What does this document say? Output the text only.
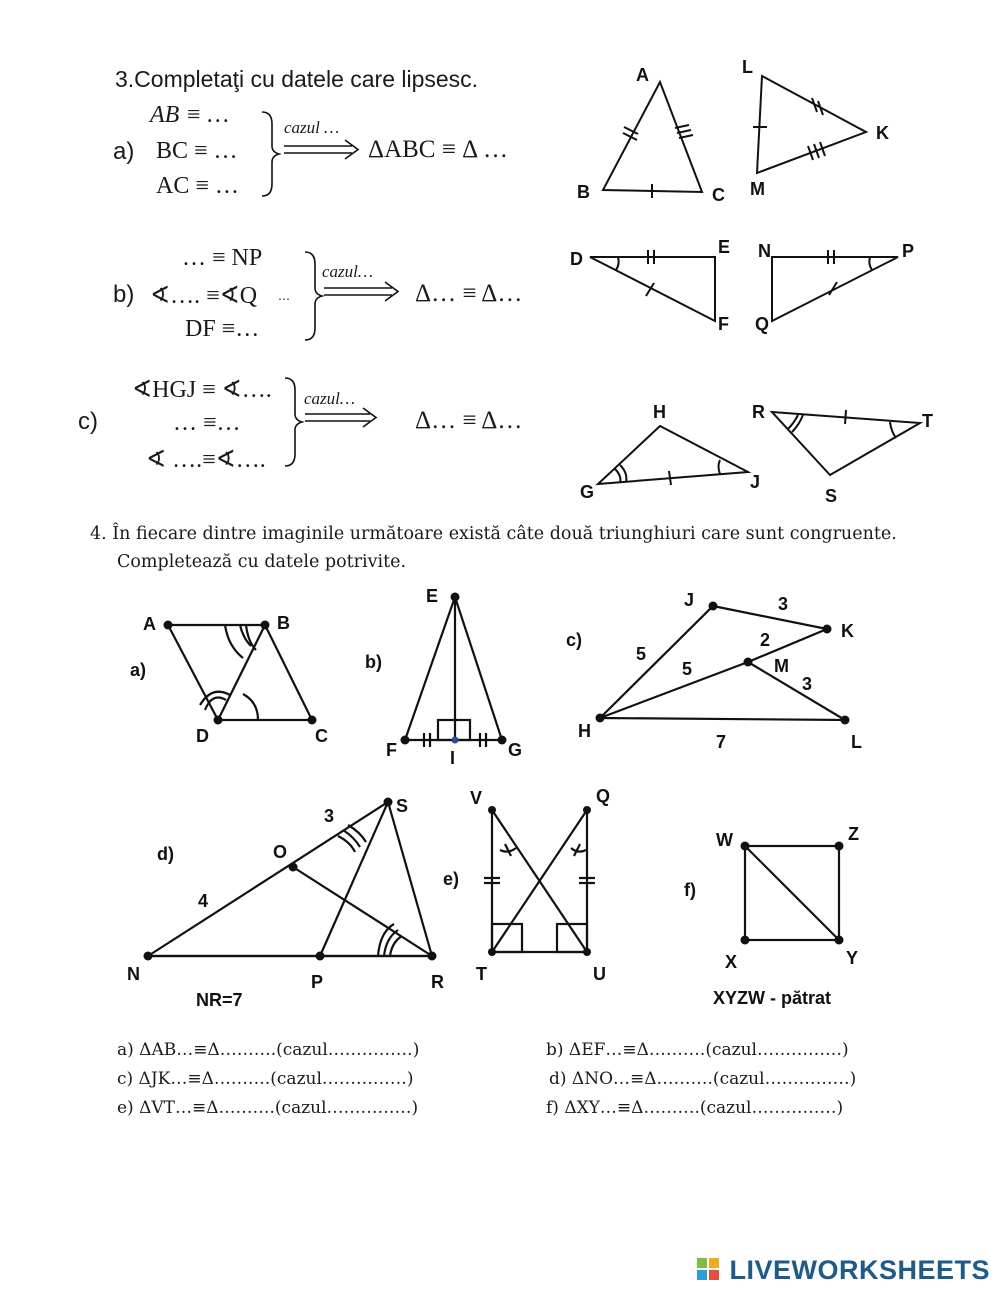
3.Completaţi cu datele care lipsesc.
a)
AB ≡ …
BC ≡ …
AC ≡ …
cazul …
ΔABC ≡ Δ …
b)
… ≡ NP
∢…. ≡∢Q …
DF ≡…
cazul…
Δ… ≡ Δ…
c)
∢HGJ ≡ ∢….
… ≡…
∢ ….≡∢….
cazul…
Δ… ≡ Δ…
A
B	C
L
K
M
D
E
F
N	P
Q
H
G	J
R	T
S
4. În fiecare dintre imaginile următoare există câte două triunghiuri care sunt congruente.
Completează cu datele potrivite.
a)
A	B
C
D
b)
E
F	I	G
c)
J
K
M
H
L
3
2
5
5
3
7
d)
S
O
N	P	R
3
4
NR=7
e)
V	Q
T	U
f)
W	Z
X	Y
XYZW - pătrat
a) ΔAB…≡Δ……….(cazul……………)	b) ΔEF…≡Δ……….(cazul……………)
c) ΔJK…≡Δ……….(cazul……………)	d) ΔNO…≡Δ……….(cazul……………)
e) ΔVT…≡Δ……….(cazul……………)	f) ΔXY…≡Δ……….(cazul……………)
LIVEWORKSHEETS
